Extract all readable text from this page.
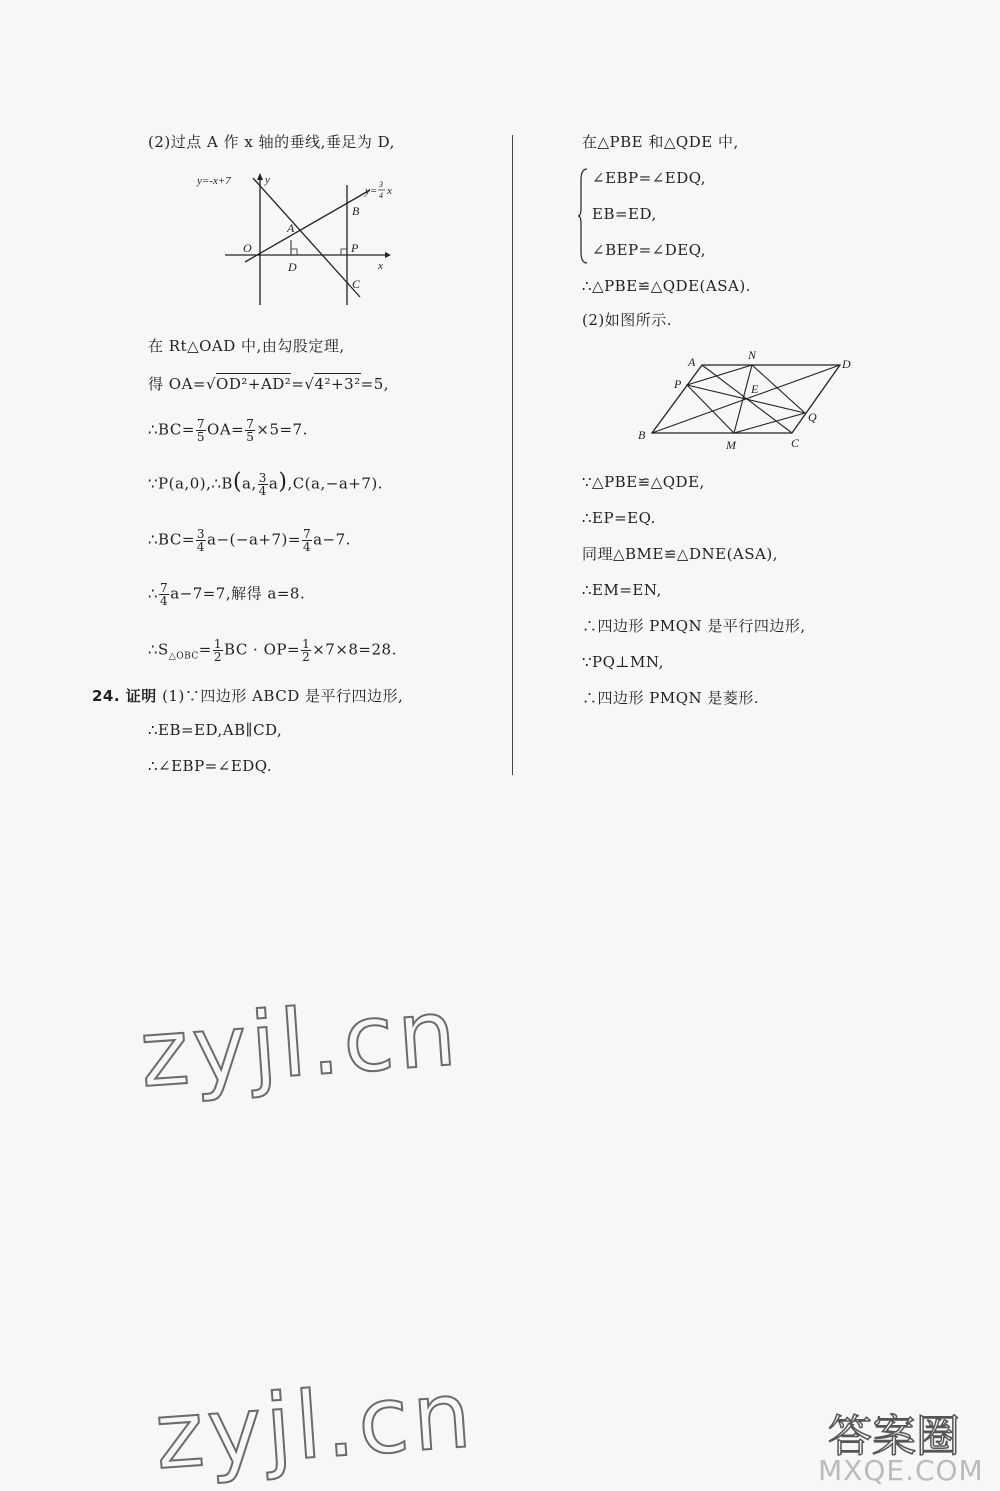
(2)过点 A 作 x 轴的垂线,垂足为 D,
y=-x+7	y
y=
3
4 x
x
O
A
B
P
D
C
在 Rt△OAD 中,由勾股定理,
得 OA=√OD²+AD²=√4²+3²=5,
∴BC= $\frac{7}{5} OA= \frac{7}{5} \times 5=7$.
∵P(a,0),∴B(a, $\frac{3}{4} a),C(a,-a+7)$.
∴BC= $\frac{3}{4} a-(-a+7)= \frac{7}{4} a-7$.
∴ $\frac{7}{4} a-7=7$,解得 a=8.
$\therefore S_{\triangle OBC}= \frac{1}{2}$ BC · $OP= \frac{1}{2} \times 7\times 8=28$.
24. 证明 (1)∵四边形 ABCD 是平行四边形,
∴EB=ED,AB∥CD,
∴∠EBP=∠EDQ.
在△PBE 和△QDE 中,
∠EBP=∠EDQ,
EB=ED,
∠BEP=∠DEQ,
∴△PBE≌△QDE(ASA).
(2)如图所示.
A	N
D
P	E
Q
B
M	C
∵△PBE≌△QDE,
∴EP=EQ.
同理△BME≌△DNE(ASA),
∴EM=EN,
∴四边形 PMQN 是平行四边形,
∵PQ⊥MN,
∴四边形 PMQN 是菱形.
zyjl.cn
zyjl.cn	答案圈
MXQE.COM
